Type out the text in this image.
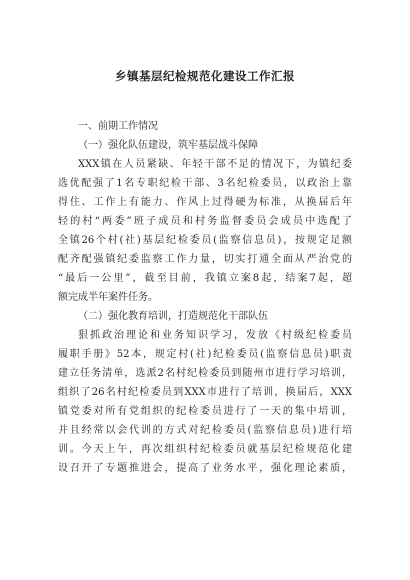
乡镇基层纪检规范化建设工作汇报
一、前期工作情况
（一）强化队伍建设，筑牢基层战斗保障
XXX镇在人员紧缺、年轻干部不足的情况下，为镇纪委
选优配强了1名专职纪检干部、3名纪检委员，以政治上靠
得住、工作上有能力、作风上过得硬为标准，从换届后年
轻的村“两委”班子成员和村务监督委员会成员中选配了
全镇26个村(社)基层纪检委员(监察信息员)，按规定足额
配齐配强镇纪委监察工作力量，切实打通全面从严治党的
“最后一公里”，截至目前，我镇立案8起，结案7起，超
额完成半年案件任务。
（二）强化教育培训，打造规范化干部队伍
狠抓政治理论和业务知识学习，发放《村级纪检委员
履职手册》52本，规定村(社)纪检委员(监察信息员)职责
建立任务清单，选派2名村纪检委员到随州市进行学习培训，
组织了26名村纪检委员到XXX市进行了培训，换届后，XXX
镇党委对所有党组织的纪检委员进行了一天的集中培训，
并且经常以会代训的方式对纪检委员(监察信息员)进行培
训。今天上午，再次组织村纪检委员就基层纪检规范化建
设召开了专题推进会，提高了业务水平，强化理论素质，
